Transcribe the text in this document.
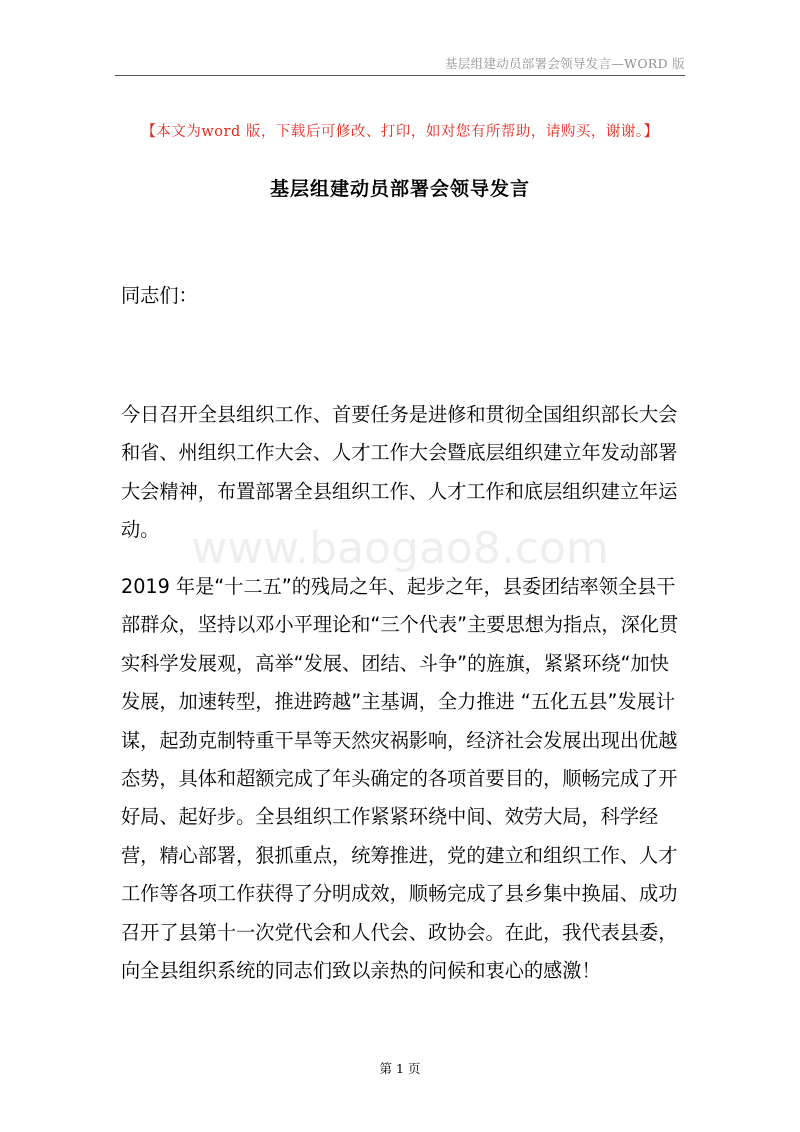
基层组建动员部署会领导发言—WORD 版
【本文为word 版，下载后可修改、打印，如对您有所帮助，请购买，谢谢。】
基层组建动员部署会领导发言
www.baogao8.com

同志们：

今日召开全县组织工作、首要任务是进修和贯彻全国组织部长大会和省、州组织工作大会、人才工作大会暨底层组织建立年发动部署大会精神，布置部署全县组织工作、人才工作和底层组织建立年运动。

2019 年是“十二五”的残局之年、起步之年，县委团结率领全县干部群众，坚持以邓小平理论和“三个代表”主要思想为指点，深化贯实科学发展观，高举“发展、团结、斗争”的旌旗，紧紧环绕“加快发展，加速转型，推进跨越”主基调，全力推进 “五化五县”发展计谋，起劲克制特重干旱等天然灾祸影响，经济社会发展出现出优越态势，具体和超额完成了年头确定的各项首要目的，顺畅完成了开好局、起好步。全县组织工作紧紧环绕中间、效劳大局，科学经营，精心部署，狠抓重点，统筹推进，党的建立和组织工作、人才工作等各项工作获得了分明成效，顺畅完成了县乡集中换届、成功召开了县第十一次党代会和人代会、政协会。在此，我代表县委，向全县组织系统的同志们致以亲热的问候和衷心的感激！

第 1 页
